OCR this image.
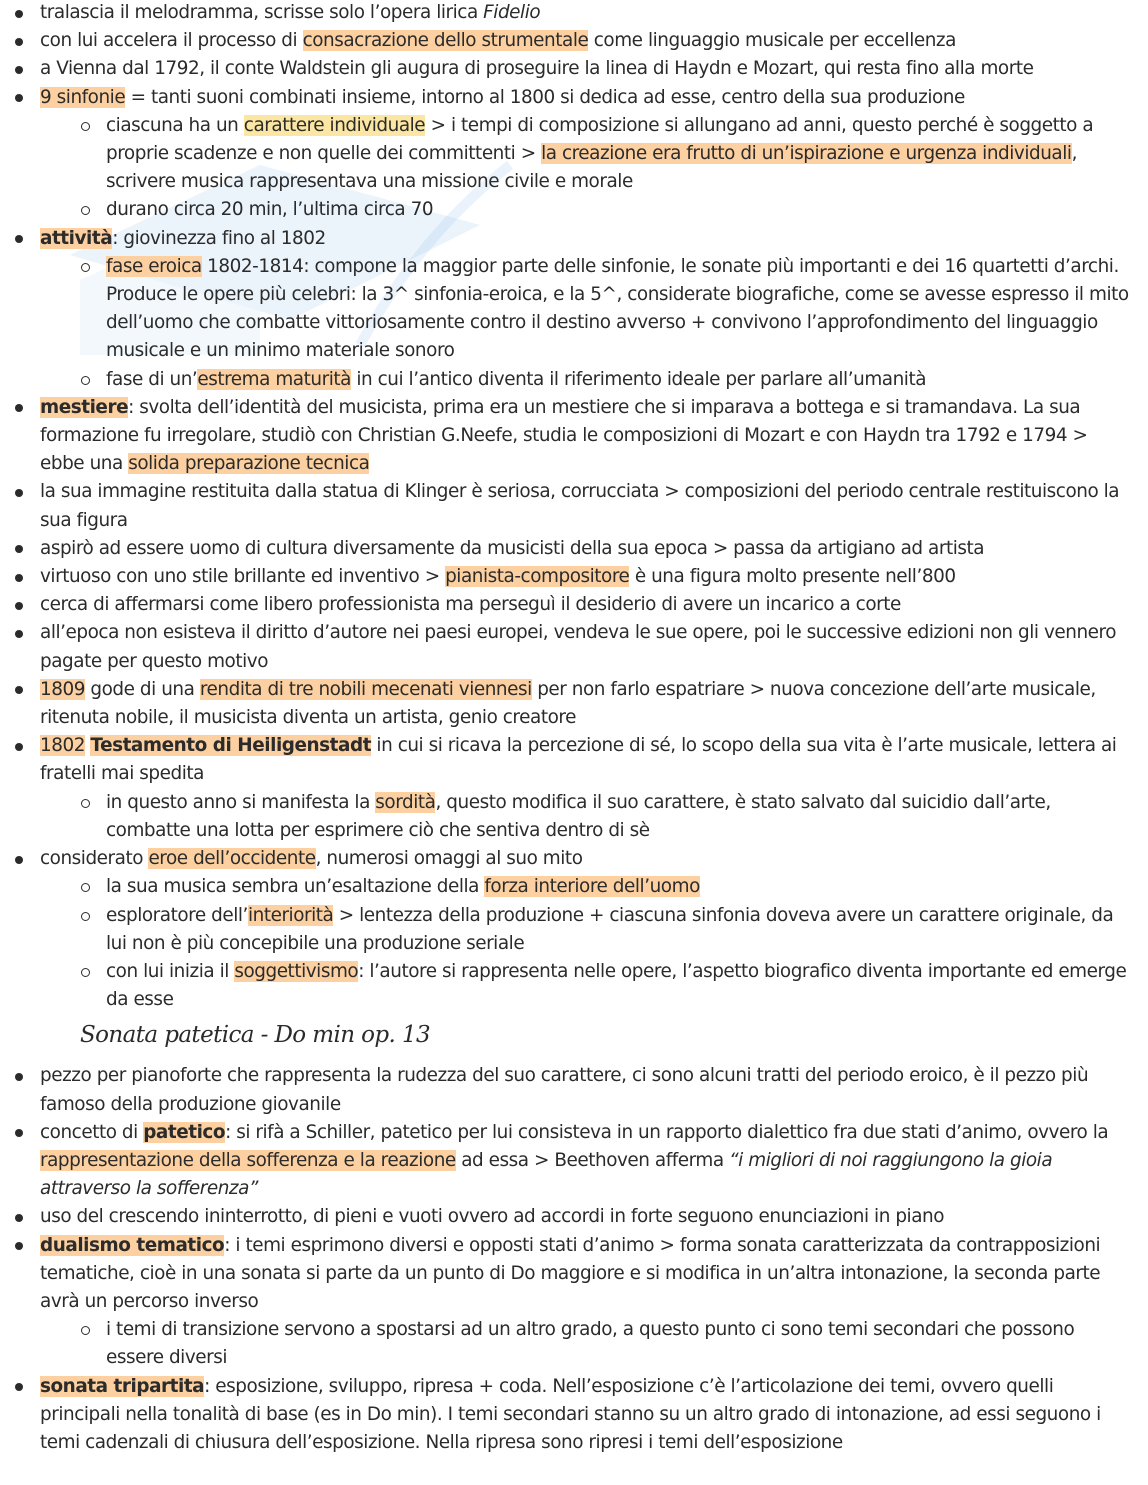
tralascia il melodramma, scrisse solo l’opera lirica Fidelio
con lui accelera il processo di consacrazione dello strumentale come linguaggio musicale per eccellenza
a Vienna dal 1792, il conte Waldstein gli augura di proseguire la linea di Haydn e Mozart, qui resta fino alla morte
9 sinfonie = tanti suoni combinati insieme, intorno al 1800 si dedica ad esse, centro della sua produzione
ciascuna ha un carattere individuale > i tempi di composizione si allungano ad anni, questo perché è soggetto a proprie scadenze e non quelle dei committenti > la creazione era frutto di un’ispirazione e urgenza individuali, scrivere musica rappresentava una missione civile e morale
durano circa 20 min, l’ultima circa 70
attività: giovinezza fino al 1802
fase eroica 1802-1814: compone la maggior parte delle sinfonie, le sonate più importanti e dei 16 quartetti d’archi. Produce le opere più celebri: la 3^ sinfonia-eroica, e la 5^, considerate biografiche, come se avesse espresso il mito dell’uomo che combatte vittoriosamente contro il destino avverso + convivono l’approfondimento del linguaggio musicale e un minimo materiale sonoro
fase di un’estrema maturità in cui l’antico diventa il riferimento ideale per parlare all’umanità
mestiere: svolta dell’identità del musicista, prima era un mestiere che si imparava a bottega e si tramandava. La sua formazione fu irregolare, studiò con Christian G.Neefe, studia le composizioni di Mozart e con Haydn tra 1792 e 1794 > ebbe una solida preparazione tecnica
la sua immagine restituita dalla statua di Klinger è seriosa, corrucciata > composizioni del periodo centrale restituiscono la sua figura
aspirò ad essere uomo di cultura diversamente da musicisti della sua epoca > passa da artigiano ad artista
virtuoso con uno stile brillante ed inventivo > pianista-compositore è una figura molto presente nell’800
cerca di affermarsi come libero professionista ma perseguì il desiderio di avere un incarico a corte
all’epoca non esisteva il diritto d’autore nei paesi europei, vendeva le sue opere, poi le successive edizioni non gli vennero pagate per questo motivo
1809 gode di una rendita di tre nobili mecenati viennesi per non farlo espatriare > nuova concezione dell’arte musicale, ritenuta nobile, il musicista diventa un artista, genio creatore
1802 Testamento di Heiligenstadt in cui si ricava la percezione di sé, lo scopo della sua vita è l’arte musicale, lettera ai fratelli mai spedita
in questo anno si manifesta la sordità, questo modifica il suo carattere, è stato salvato dal suicidio dall’arte, combatte una lotta per esprimere ciò che sentiva dentro di sè
considerato eroe dell’occidente, numerosi omaggi al suo mito
la sua musica sembra un’esaltazione della forza interiore dell’uomo
esploratore dell’interiorità > lentezza della produzione + ciascuna sinfonia doveva avere un carattere originale, da lui non è più concepibile una produzione seriale
con lui inizia il soggettivismo: l’autore si rappresenta nelle opere, l’aspetto biografico diventa importante ed emerge da esse
Sonata patetica - Do min op. 13
pezzo per pianoforte che rappresenta la rudezza del suo carattere, ci sono alcuni tratti del periodo eroico, è il pezzo più famoso della produzione giovanile
concetto di patetico: si rifà a Schiller, patetico per lui consisteva in un rapporto dialettico fra due stati d’animo, ovvero la rappresentazione della sofferenza e la reazione ad essa > Beethoven afferma “i migliori di noi raggiungono la gioia attraverso la sofferenza”
uso del crescendo ininterrotto, di pieni e vuoti ovvero ad accordi in forte seguono enunciazioni in piano
dualismo tematico: i temi esprimono diversi e opposti stati d’animo > forma sonata caratterizzata da contrapposizioni tematiche, cioè in una sonata si parte da un punto di Do maggiore e si modifica in un’altra intonazione, la seconda parte avrà un percorso inverso
i temi di transizione servono a spostarsi ad un altro grado, a questo punto ci sono temi secondari che possono essere diversi
sonata tripartita: esposizione, sviluppo, ripresa + coda. Nell’esposizione c’è l’articolazione dei temi, ovvero quelli principali nella tonalità di base (es in Do min). I temi secondari stanno su un altro grado di intonazione, ad essi seguono i temi cadenzali di chiusura dell’esposizione. Nella ripresa sono ripresi i temi dell’esposizione
